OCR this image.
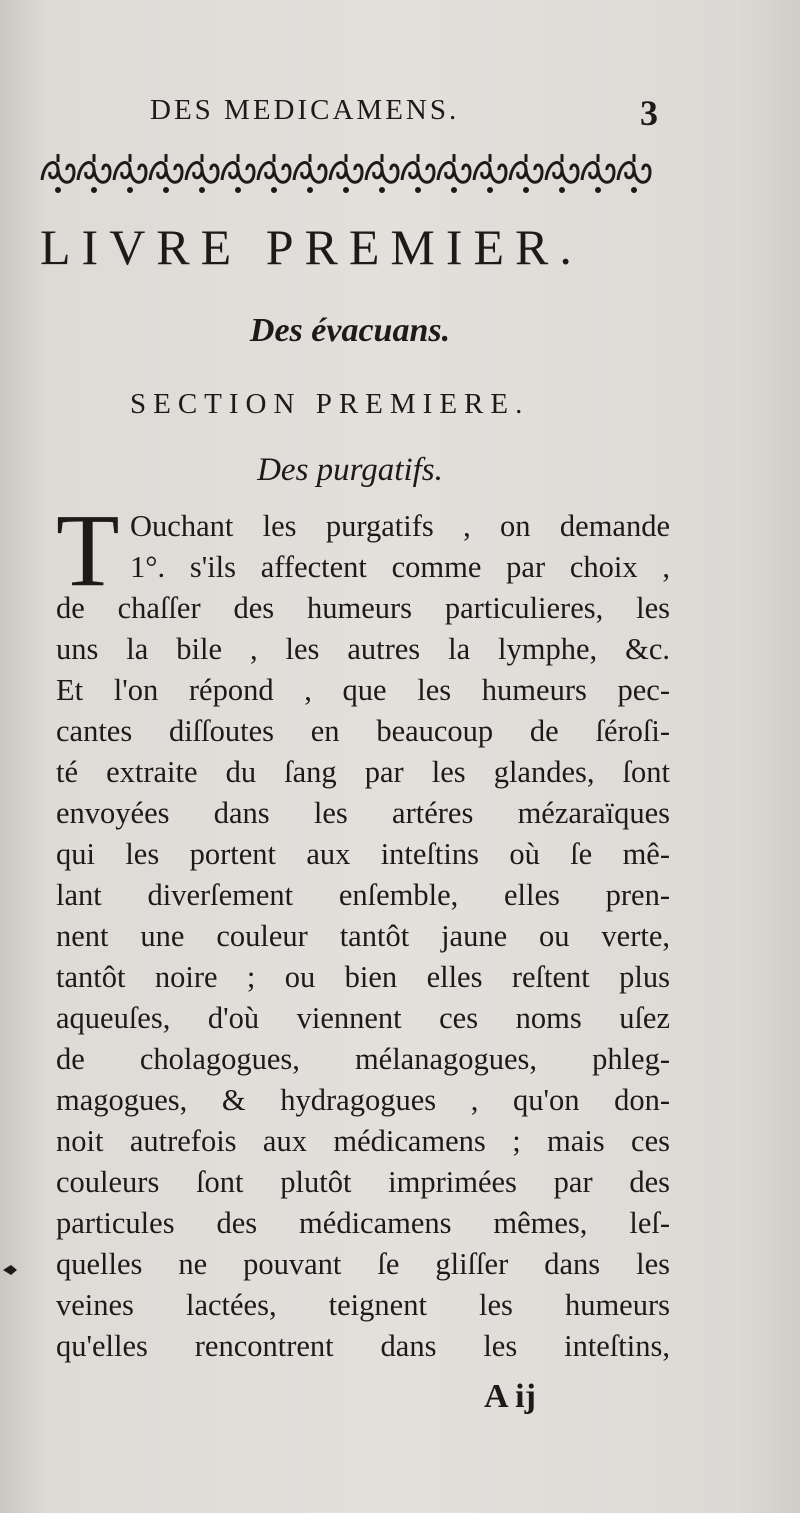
DES MEDICAMENS.	3
LIVRE PREMIER.
Des évacuans.
SECTION PREMIERE.
Des purgatifs.
T Ouchant les purgatifs , on demande
1°. s'ils affectent comme par choix ,
de chaſſer des humeurs particulieres, les
uns la bile , les autres la lymphe, &c.
Et l'on répond , que les humeurs pec-
cantes diſſoutes en beaucoup de ſéroſi-
té extraite du ſang par les glandes, ſont
envoyées dans les artéres mézaraïques
qui les portent aux inteſtins où ſe mê-
lant diverſement enſemble, elles pren-
nent une couleur tantôt jaune ou verte,
tantôt noire ; ou bien elles reſtent plus
aqueuſes, d'où viennent ces noms uſez
de cholagogues, mélanagogues, phleg-
magogues, & hydragogues , qu'on don-
noit autrefois aux médicamens ; mais ces
couleurs ſont plutôt imprimées par des
particules des médicamens mêmes, leſ-
quelles ne pouvant ſe gliſſer dans les
veines lactées, teignent les humeurs
qu'elles rencontrent dans les inteſtins,
A ij
